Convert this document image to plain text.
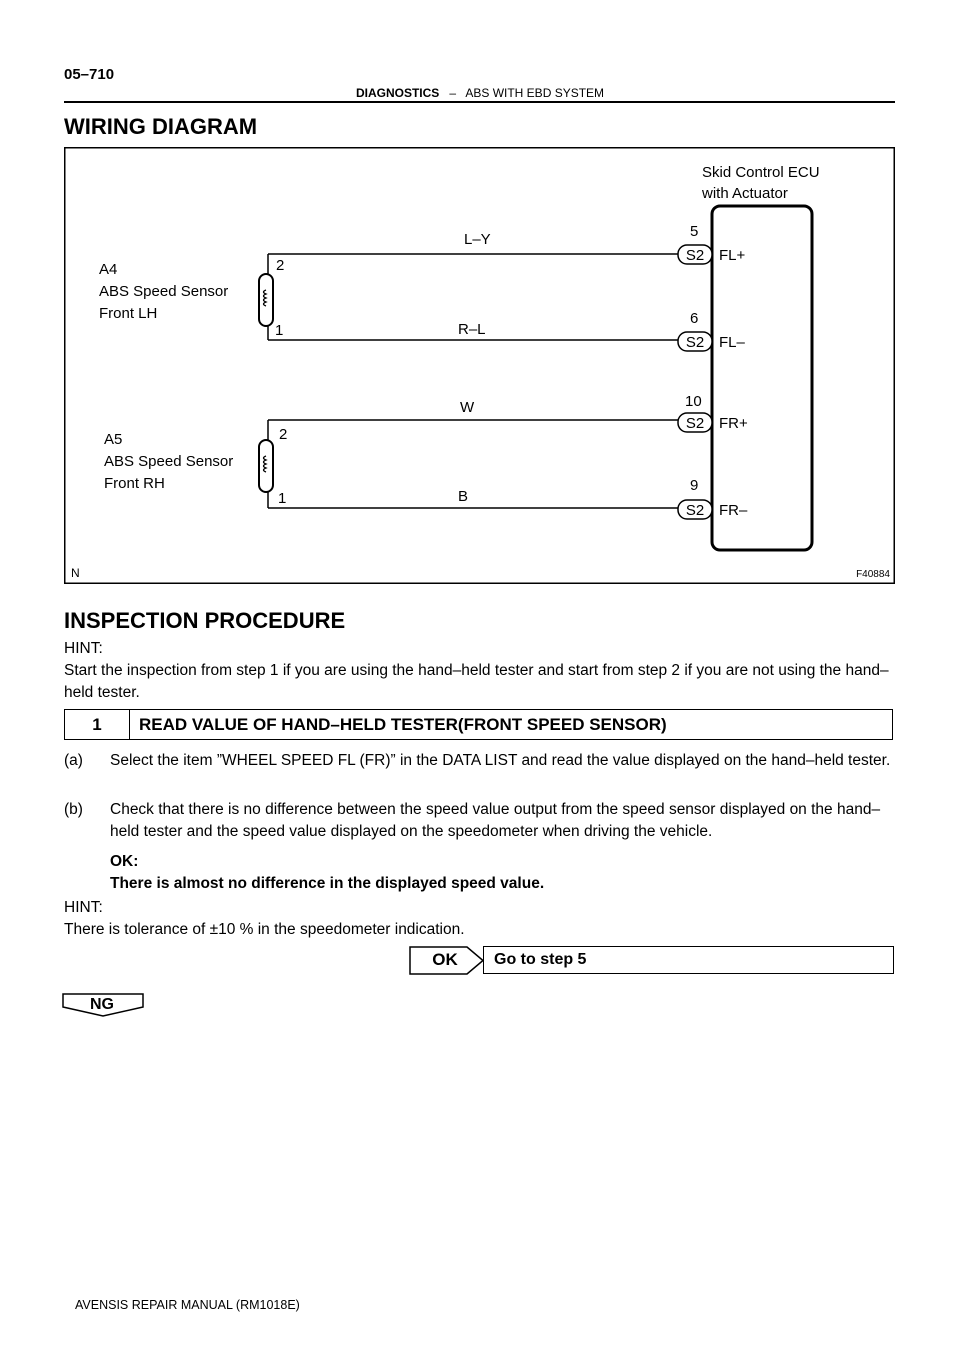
05–710
DIAGNOSTICS – ABS WITH EBD SYSTEM
WIRING DIAGRAM
Skid Control ECU
with Actuator
A4
ABS Speed Sensor
Front LH
2
1
L–Y
R–L
5
6
S2
S2
FL+
FL–
A5
ABS Speed Sensor
Front RH
2
1
W
B
10
9
S2
S2
FR+
FR–
N	F40884
INSPECTION PROCEDURE
HINT:
Start the inspection from step 1 if you are using the hand–held tester and start from step 2 if you are not using the hand–held tester.
1	READ VALUE OF HAND–HELD TESTER(FRONT SPEED SENSOR)
(a) Select the item ”WHEEL SPEED FL (FR)” in the DATA LIST and read the value displayed on the hand–held tester.
(b) Check that there is no difference between the speed value output from the speed sensor displayed on the hand–held tester and the speed value displayed on the speedometer when driving the vehicle.
OK:
There is almost no difference in the displayed speed value.
HINT:
There is tolerance of ±10 % in the speedometer indication.
OK	Go to step 5
NG
AVENSIS REPAIR MANUAL (RM1018E)
